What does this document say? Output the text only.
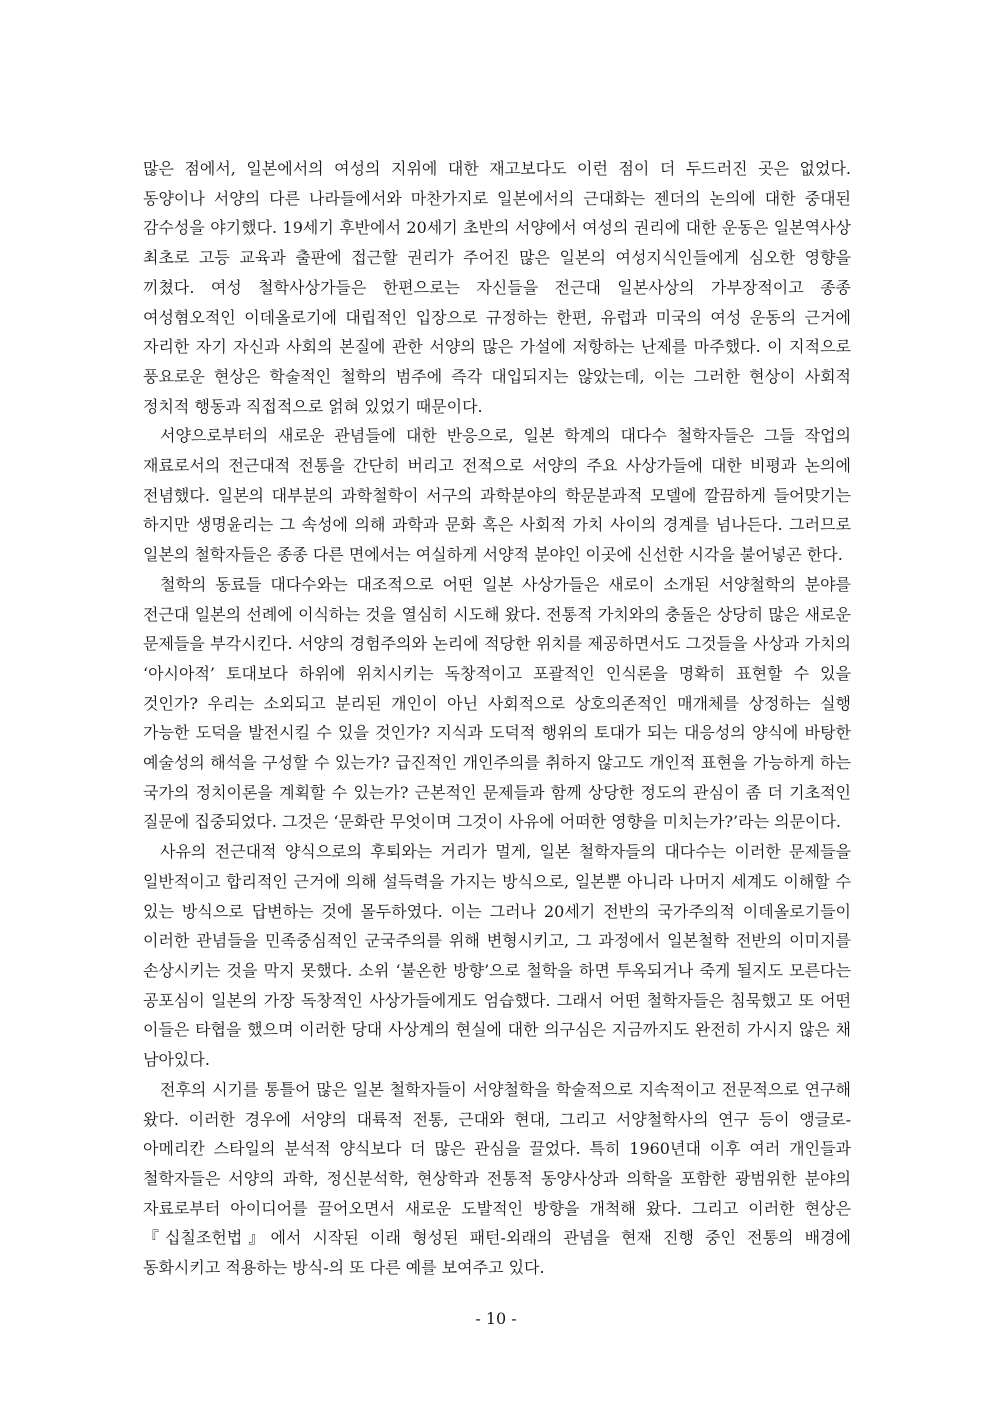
많은 점에서, 일본에서의 여성의 지위에 대한 재고보다도 이런 점이 더 두드러진 곳은 없었다. 동양이나 서양의 다른 나라들에서와 마찬가지로 일본에서의 근대화는 젠더의 논의에 대한 중대된 감수성을 야기했다. 19세기 후반에서 20세기 초반의 서양에서 여성의 권리에 대한 운동은 일본역사상 최초로 고등 교육과 출판에 접근할 권리가 주어진 많은 일본의 여성지식인들에게 심오한 영향을 끼쳤다. 여성 철학사상가들은 한편으로는 자신들을 전근대 일본사상의 가부장적이고 종종 여성혐오적인 이데올로기에 대립적인 입장으로 규정하는 한편, 유럽과 미국의 여성 운동의 근거에 자리한 자기 자신과 사회의 본질에 관한 서양의 많은 가설에 저항하는 난제를 마주했다. 이 지적으로 풍요로운 현상은 학술적인 철학의 범주에 즉각 대입되지는 않았는데, 이는 그러한 현상이 사회적 정치적 행동과 직접적으로 얽혀 있었기 때문이다.

서양으로부터의 새로운 관념들에 대한 반응으로, 일본 학계의 대다수 철학자들은 그들 작업의 재료로서의 전근대적 전통을 간단히 버리고 전적으로 서양의 주요 사상가들에 대한 비평과 논의에 전념했다. 일본의 대부분의 과학철학이 서구의 과학분야의 학문분과적 모델에 깔끔하게 들어맞기는 하지만 생명윤리는 그 속성에 의해 과학과 문화 혹은 사회적 가치 사이의 경계를 넘나든다. 그러므로 일본의 철학자들은 종종 다른 면에서는 여실하게 서양적 분야인 이곳에 신선한 시각을 불어넣곤 한다.

철학의 동료들 대다수와는 대조적으로 어떤 일본 사상가들은 새로이 소개된 서양철학의 분야를 전근대 일본의 선례에 이식하는 것을 열심히 시도해 왔다. 전통적 가치와의 충돌은 상당히 많은 새로운 문제들을 부각시킨다. 서양의 경험주의와 논리에 적당한 위치를 제공하면서도 그것들을 사상과 가치의 ‘아시아적’ 토대보다 하위에 위치시키는 독창적이고 포괄적인 인식론을 명확히 표현할 수 있을 것인가? 우리는 소외되고 분리된 개인이 아닌 사회적으로 상호의존적인 매개체를 상정하는 실행 가능한 도덕을 발전시킬 수 있을 것인가? 지식과 도덕적 행위의 토대가 되는 대응성의 양식에 바탕한 예술성의 해석을 구성할 수 있는가? 급진적인 개인주의를 취하지 않고도 개인적 표현을 가능하게 하는 국가의 정치이론을 계획할 수 있는가? 근본적인 문제들과 함께 상당한 정도의 관심이 좀 더 기초적인 질문에 집중되었다. 그것은 ‘문화란 무엇이며 그것이 사유에 어떠한 영향을 미치는가?’라는 의문이다.

사유의 전근대적 양식으로의 후퇴와는 거리가 멀게, 일본 철학자들의 대다수는 이러한 문제들을 일반적이고 합리적인 근거에 의해 설득력을 가지는 방식으로, 일본뿐 아니라 나머지 세계도 이해할 수 있는 방식으로 답변하는 것에 몰두하였다. 이는 그러나 20세기 전반의 국가주의적 이데올로기들이 이러한 관념들을 민족중심적인 군국주의를 위해 변형시키고, 그 과정에서 일본철학 전반의 이미지를 손상시키는 것을 막지 못했다. 소위 ‘불온한 방향’으로 철학을 하면 투옥되거나 죽게 될지도 모른다는 공포심이 일본의 가장 독창적인 사상가들에게도 엄습했다. 그래서 어떤 철학자들은 침묵했고 또 어떤 이들은 타협을 했으며 이러한 당대 사상계의 현실에 대한 의구심은 지금까지도 완전히 가시지 않은 채 남아있다.

전후의 시기를 통틀어 많은 일본 철학자들이 서양철학을 학술적으로 지속적이고 전문적으로 연구해 왔다. 이러한 경우에 서양의 대륙적 전통, 근대와 현대, 그리고 서양철학사의 연구 등이 앵글로-아메리칸 스타일의 분석적 양식보다 더 많은 관심을 끌었다. 특히 1960년대 이후 여러 개인들과 철학자들은 서양의 과학, 정신분석학, 현상학과 전통적 동양사상과 의학을 포함한 광범위한 분야의 자료로부터 아이디어를 끌어오면서 새로운 도발적인 방향을 개척해 왔다. 그리고 이러한 현상은 『십칠조헌법』에서 시작된 이래 형성된 패턴-외래의 관념을 현재 진행 중인 전통의 배경에 동화시키고 적용하는 방식-의 또 다른 예를 보여주고 있다.

- 10 -
